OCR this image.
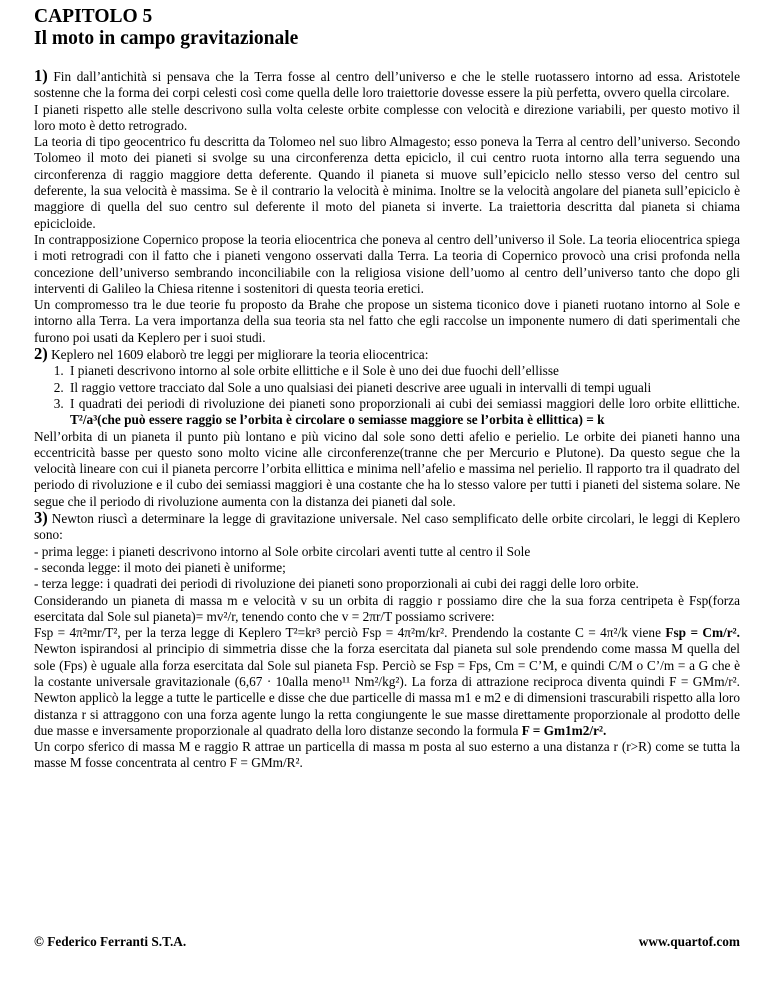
CAPITOLO 5
Il moto in campo gravitazionale

1) Fin dall’antichità si pensava che la Terra fosse al centro dell’universo e che le stelle ruotassero intorno ad essa. Aristotele sostenne che la forma dei corpi celesti così come quella delle loro traiettorie dovesse essere la più perfetta, ovvero quella circolare.

I pianeti rispetto alle stelle descrivono sulla volta celeste orbite complesse con velocità e direzione variabili, per questo motivo il loro moto è detto retrogrado.

La teoria di tipo geocentrico fu descritta da Tolomeo nel suo libro Almagesto; esso poneva la Terra al centro dell’universo. Secondo Tolomeo il moto dei pianeti si svolge su una circonferenza detta epiciclo, il cui centro ruota intorno alla terra seguendo una circonferenza di raggio maggiore detta deferente. Quando il pianeta si muove sull’epiciclo nello stesso verso del centro sul deferente, la sua velocità è massima. Se è il contrario la velocità è minima. Inoltre se la velocità angolare del pianeta sull’epiciclo è maggiore di quella del suo centro sul deferente il moto del pianeta si inverte. La traiettoria descritta dal pianeta si chiama epicicloide.

In contrapposizione Copernico propose la teoria eliocentrica che poneva al centro dell’universo il Sole. La teoria eliocentrica spiega i moti retrogradi con il fatto che i pianeti vengono osservati dalla Terra. La teoria di Copernico provocò una crisi profonda nella concezione dell’universo sembrando inconciliabile con la religiosa visione dell’uomo al centro dell’universo tanto che dopo gli interventi di Galileo la Chiesa ritenne i sostenitori di questa teoria eretici.

Un compromesso tra le due teorie fu proposto da Brahe che propose un sistema ticonico dove i pianeti ruotano intorno al Sole e intorno alla Terra. La vera importanza della sua teoria sta nel fatto che egli raccolse un imponente numero di dati sperimentali che furono poi usati da Keplero per i suoi studi.

2) Keplero nel 1609 elaborò tre leggi per migliorare la teoria eliocentrica:

1. I pianeti descrivono intorno al sole orbite ellittiche e il Sole è uno dei due fuochi dell’ellisse
2. Il raggio vettore tracciato dal Sole a uno qualsiasi dei pianeti descrive aree uguali in intervalli di tempi uguali
3. I quadrati dei periodi di rivoluzione dei pianeti sono proporzionali ai cubi dei semiassi maggiori delle loro orbite ellittiche. T²/a³(che può essere raggio se l’orbita è circolare o semiasse maggiore se l’orbita è ellittica) = k

Nell’orbita di un pianeta il punto più lontano e più vicino dal sole sono detti afelio e perielio. Le orbite dei pianeti hanno una eccentricità basse per questo sono molto vicine alle circonferenze(tranne che per Mercurio e Plutone). Da questo segue che la velocità lineare con cui il pianeta percorre l’orbita ellittica e minima nell’afelio e massima nel perielio. Il rapporto tra il quadrato del periodo di rivoluzione e il cubo dei semiassi maggiori è una costante che ha lo stesso valore per tutti i pianeti del sistema solare. Ne segue che il periodo di rivoluzione aumenta con la distanza dei pianeti dal sole.

3) Newton riuscì a determinare la legge di gravitazione universale. Nel caso semplificato delle orbite circolari, le leggi di Keplero sono:

- prima legge: i pianeti descrivono intorno al Sole orbite circolari aventi tutte al centro il Sole

- seconda legge: il moto dei pianeti è uniforme;

- terza legge: i quadrati dei periodi di rivoluzione dei pianeti sono proporzionali ai cubi dei raggi delle loro orbite.

Considerando un pianeta di massa m e velocità v su un orbita di raggio r possiamo dire che la sua forza centripeta è Fsp(forza esercitata dal Sole sul pianeta)= mv²/r, tenendo conto che v = 2πr/T possiamo scrivere:

Fsp = 4π²mr/T², per la terza legge di Keplero T²=kr³ perciò Fsp = 4π²m/kr². Prendendo la costante C = 4π²/k viene Fsp = Cm/r². Newton ispirandosi al principio di simmetria disse che la forza esercitata dal pianeta sul sole prendendo come massa M quella del sole (Fps) è uguale alla forza esercitata dal Sole sul pianeta Fsp. Perciò se Fsp = Fps, Cm = C’M, e quindi C/M o C’/m = a G che è la costante universale gravitazionale (6,67 · 10alla meno¹¹ Nm²/kg²). La forza di attrazione reciproca diventa quindi F = GMm/r². Newton applicò la legge a tutte le particelle e disse che due particelle di massa m1 e m2 e di dimensioni trascurabili rispetto alla loro distanza r si attraggono con una forza agente lungo la retta congiungente le sue masse direttamente proporzionale al prodotto delle due masse e inversamente proporzionale al quadrato della loro distanze secondo la formula F = Gm1m2/r².

Un corpo sferico di massa M e raggio R attrae un particella di massa m posta al suo esterno a una distanza r (r>R) come se tutta la masse M fosse concentrata al centro F = GMm/R².

© Federico Ferranti S.T.A.	www.quartof.com
